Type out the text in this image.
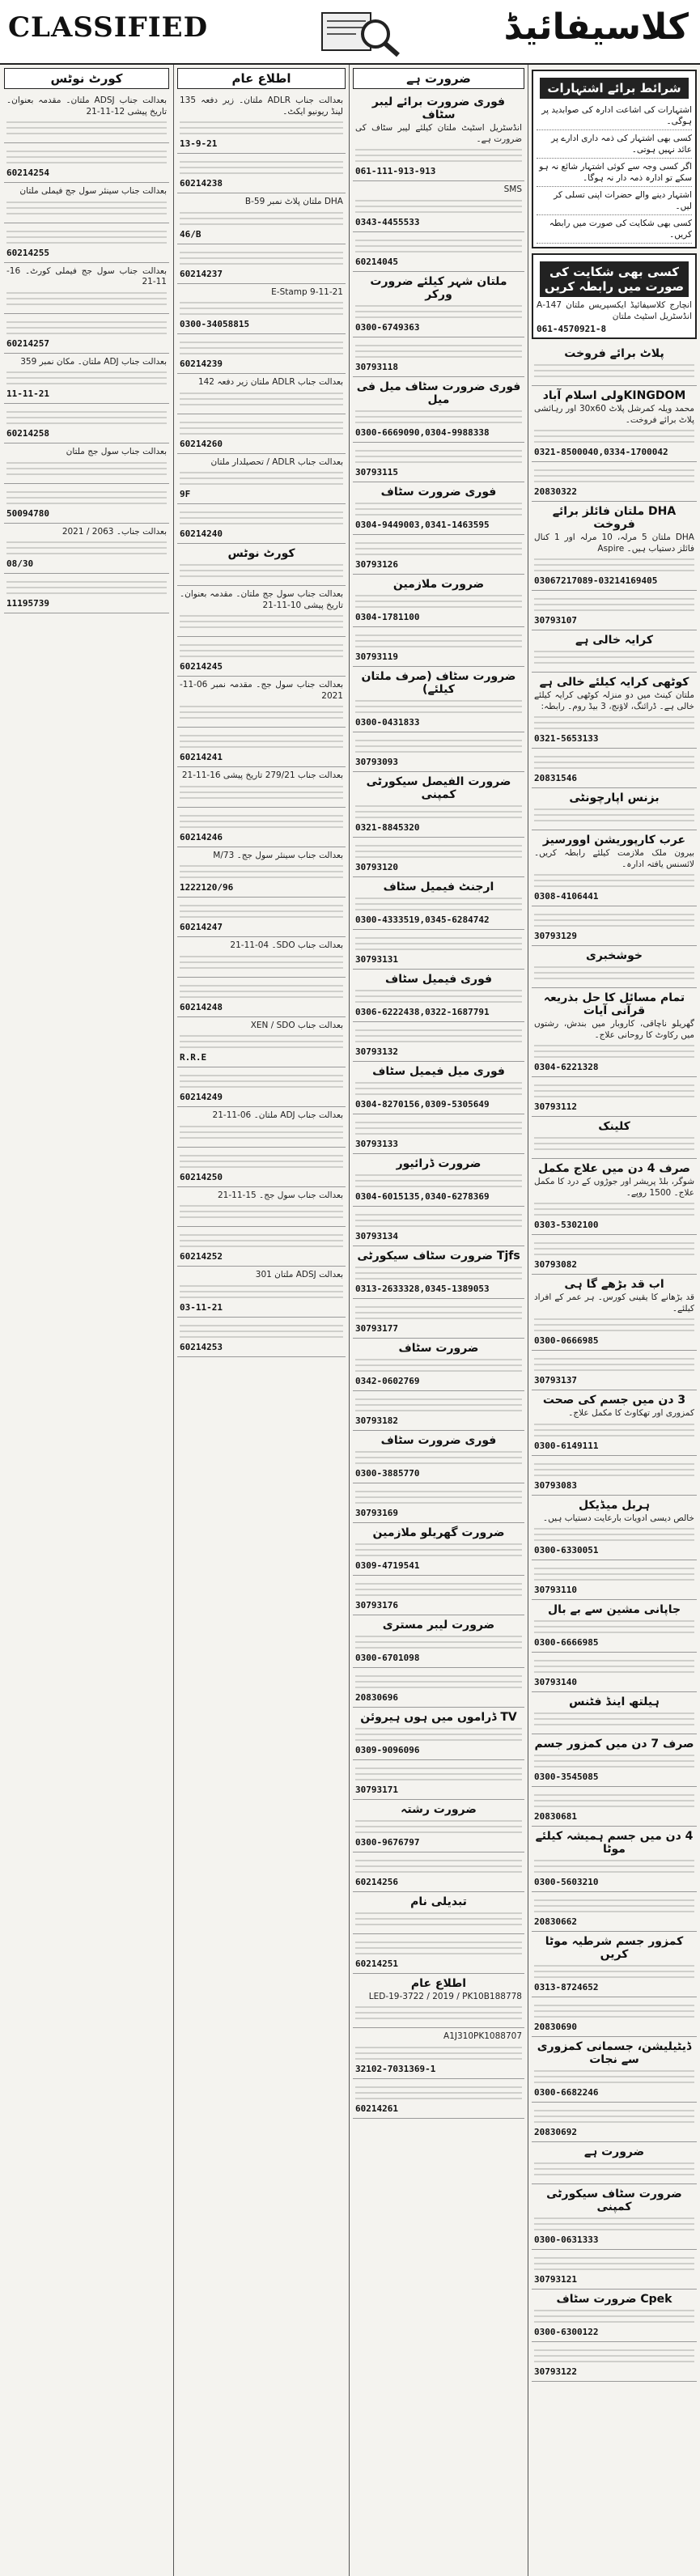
CLASSIFIED	کلاسیفائیڈ
شرائط برائے اشتہارات
اشتہارات کی اشاعت ادارہ کی صوابدید پر ہوگی۔
کسی بھی اشتہار کی ذمہ داری ادارے پر عائد نہیں ہوتی۔
اگر کسی وجہ سے کوئی اشتہار شائع نہ ہو سکے تو ادارہ ذمہ دار نہ ہوگا۔
اشتہار دینے والے حضرات اپنی تسلی کر لیں۔
کسی بھی شکایت کی صورت میں رابطہ کریں۔
کسی بھی شکایت کی صورت میں رابطہ کریں
انچارج کلاسیفائیڈ ایکسپریس ملتان 147-A انڈسٹریل اسٹیٹ ملتان
061-4570921-8
پلاٹ برائے فروخت
KINGDOMولی اسلام آباد
محمد ویلہ کمرشل پلاٹ 30x60 اور رہائشی پلاٹ برائے فروخت۔
0321-8500040,0334-1700042
20830322
DHA ملتان فائلز برائے فروخت
DHA ملتان 5 مرلہ، 10 مرلہ اور 1 کنال فائلز دستیاب ہیں۔ Aspire
03067217089-03214169405
30793107
کرایہ خالی ہے
کوٹھی کرایہ کیلئے خالی ہے
ملتان کینٹ میں دو منزلہ کوٹھی کرایہ کیلئے خالی ہے۔ ڈرائنگ، لاؤنج، 3 بیڈ روم۔ رابطہ:
0321-5653133
20831546
بزنس اپارچونٹی
عرب کارپوریشن اوورسیز
بیرون ملک ملازمت کیلئے رابطہ کریں۔ لائسنس یافتہ ادارہ۔
0308-4106441
30793129
خوشخبری
تمام مسائل کا حل بذریعہ قرآنی آیات
گھریلو ناچاقی، کاروبار میں بندش، رشتوں میں رکاوٹ کا روحانی علاج۔
0304-6221328
30793112
کلینک
صرف 4 دن میں علاج مکمل
شوگر، بلڈ پریشر اور جوڑوں کے درد کا مکمل علاج۔ 1500 روپے۔
0303-5302100
30793082
اب قد بڑھے گا ہی
قد بڑھانے کا یقینی کورس۔ ہر عمر کے افراد کیلئے۔
0300-0666985
30793137
3 دن میں جسم کی صحت
کمزوری اور تھکاوٹ کا مکمل علاج۔
0300-6149111
30793083
ہربل میڈیکل
خالص دیسی ادویات بارعایت دستیاب ہیں۔
0300-6330051
30793110
جاپانی مشین سے بے بال
0300-6666985
30793140
ہیلتھ اینڈ فٹنس
صرف 7 دن میں کمزور جسم
0300-3545085
20830681
4 دن میں جسم ہمیشہ کیلئے موٹا
0300-5603210
20830662
کمزور جسم شرطیہ موٹا کریں
0313-8724652
20830690
ڈیٹیلیشن، جسمانی کمزوری سے نجات
0300-6682246
20830692
ضرورت ہے
ضرورت سٹاف سیکورٹی کمپنی
0300-0631333
30793121
Cpek ضرورت سٹاف
0300-6300122
30793122
ضرورت ہے
فوری ضرورت برائے لیبر سٹاف
انڈسٹریل اسٹیٹ ملتان کیلئے لیبر سٹاف کی ضرورت ہے۔
061-111-913-913
SMS
0343-4455533
60214045
ملتان شہر کیلئے ضرورت ورکر
0300-6749363
30793118
فوری ضرورت سٹاف میل فی میل
0300-6669090,0304-9988338
30793115
فوری ضرورت سٹاف
0304-9449003,0341-1463595
30793126
ضرورت ملازمین
0304-1781100
30793119
ضرورت سٹاف (صرف ملتان کیلئے)
0300-0431833
30793093
ضرورت الفیصل سیکورٹی کمپنی
0321-8845320
30793120
ارجنٹ فیمیل سٹاف
0300-4333519,0345-6284742
30793131
فوری فیمیل سٹاف
0306-6222438,0322-1687791
30793132
فوری میل فیمیل سٹاف
0304-8270156,0309-5305649
30793133
ضرورت ڈرائیور
0304-6015135,0340-6278369
30793134
Tjfs ضرورت سٹاف سیکورٹی
0313-2633328,0345-1389053
30793177
ضرورت سٹاف
0342-0602769
30793182
فوری ضرورت سٹاف
0300-3885770
30793169
ضرورت گھریلو ملازمین
0309-4719541
30793176
ضرورت لیبر مستری
0300-6701098
20830696
TV ڈراموں میں ہوں ہیروئن
0309-9096096
30793171
ضرورت رشتہ
0300-9676797
60214256
تبدیلی نام
60214251
اطلاع عام
LED-19-3722 / 2019 / PK10B188778
A1J310PK1088707
32102-7031369-1
60214261
اطلاع عام
بعدالت جناب ADLR ملتان۔ زیر دفعہ 135 لینڈ ریونیو ایکٹ۔
13-9-21
60214238
DHA ملتان پلاٹ نمبر 59-B
46/B
60214237
E-Stamp 9-11-21
0300-34058815
60214239
بعدالت جناب ADLR ملتان زیر دفعہ 142
60214260
بعدالت جناب ADLR / تحصیلدار ملتان
9F
60214240
کورٹ نوٹس
بعدالت جناب سول جج ملتان۔ مقدمہ بعنوان۔ تاریخ پیشی 10-11-21
60214245
بعدالت جناب سول جج۔ مقدمہ نمبر 06-11-2021
60214241
بعدالت جناب 279/21 تاریخ پیشی 16-11-21
60214246
بعدالت جناب سینئر سول جج۔ 73/M
1222120/96
60214247
بعدالت جناب SDO۔ 04-11-21
60214248
بعدالت جناب XEN / SDO
R.R.E
60214249
بعدالت جناب ADJ ملتان۔ 06-11-21
60214250
بعدالت جناب سول جج۔ 15-11-21
60214252
بعدالت ADSJ ملتان 301
03-11-21
60214253
کورٹ نوٹس
بعدالت جناب ADSJ ملتان۔ مقدمہ بعنوان۔ تاریخ پیشی 12-11-21
60214254
بعدالت جناب سینئر سول جج فیملی ملتان
60214255
بعدالت جناب سول جج فیملی کورٹ۔ 16-11-21
60214257
بعدالت جناب ADJ ملتان۔ مکان نمبر 359
11-11-21
60214258
بعدالت جناب سول جج ملتان
50094780
بعدالت جناب۔ 2063 / 2021
08/30
11195739
